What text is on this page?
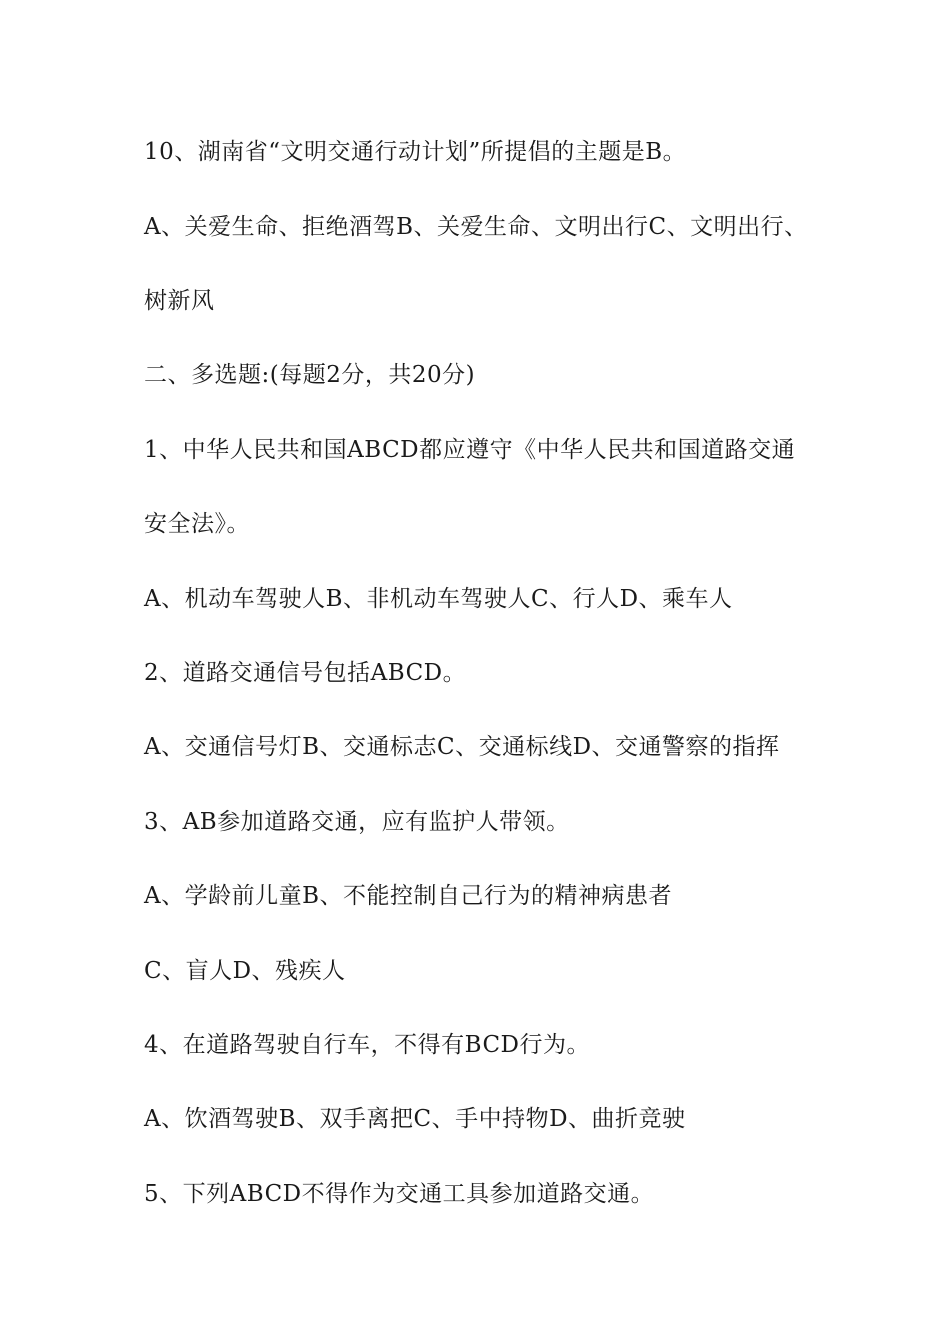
10、湖南省“文明交通行动计划”所提倡的主题是B。

A、关爱生命、拒绝酒驾B、关爱生命、文明出行C、文明出行、

树新风

二、多选题:(每题2分，共20分)

1、中华人民共和国ABCD都应遵守《中华人民共和国道路交通

安全法》。

A、机动车驾驶人B、非机动车驾驶人C、行人D、乘车人

2、道路交通信号包括ABCD。

A、交通信号灯B、交通标志C、交通标线D、交通警察的指挥

3、AB参加道路交通，应有监护人带领。

A、学龄前儿童B、不能控制自己行为的精神病患者

C、盲人D、残疾人

4、在道路驾驶自行车，不得有BCD行为。

A、饮酒驾驶B、双手离把C、手中持物D、曲折竞驶

5、下列ABCD不得作为交通工具参加道路交通。
